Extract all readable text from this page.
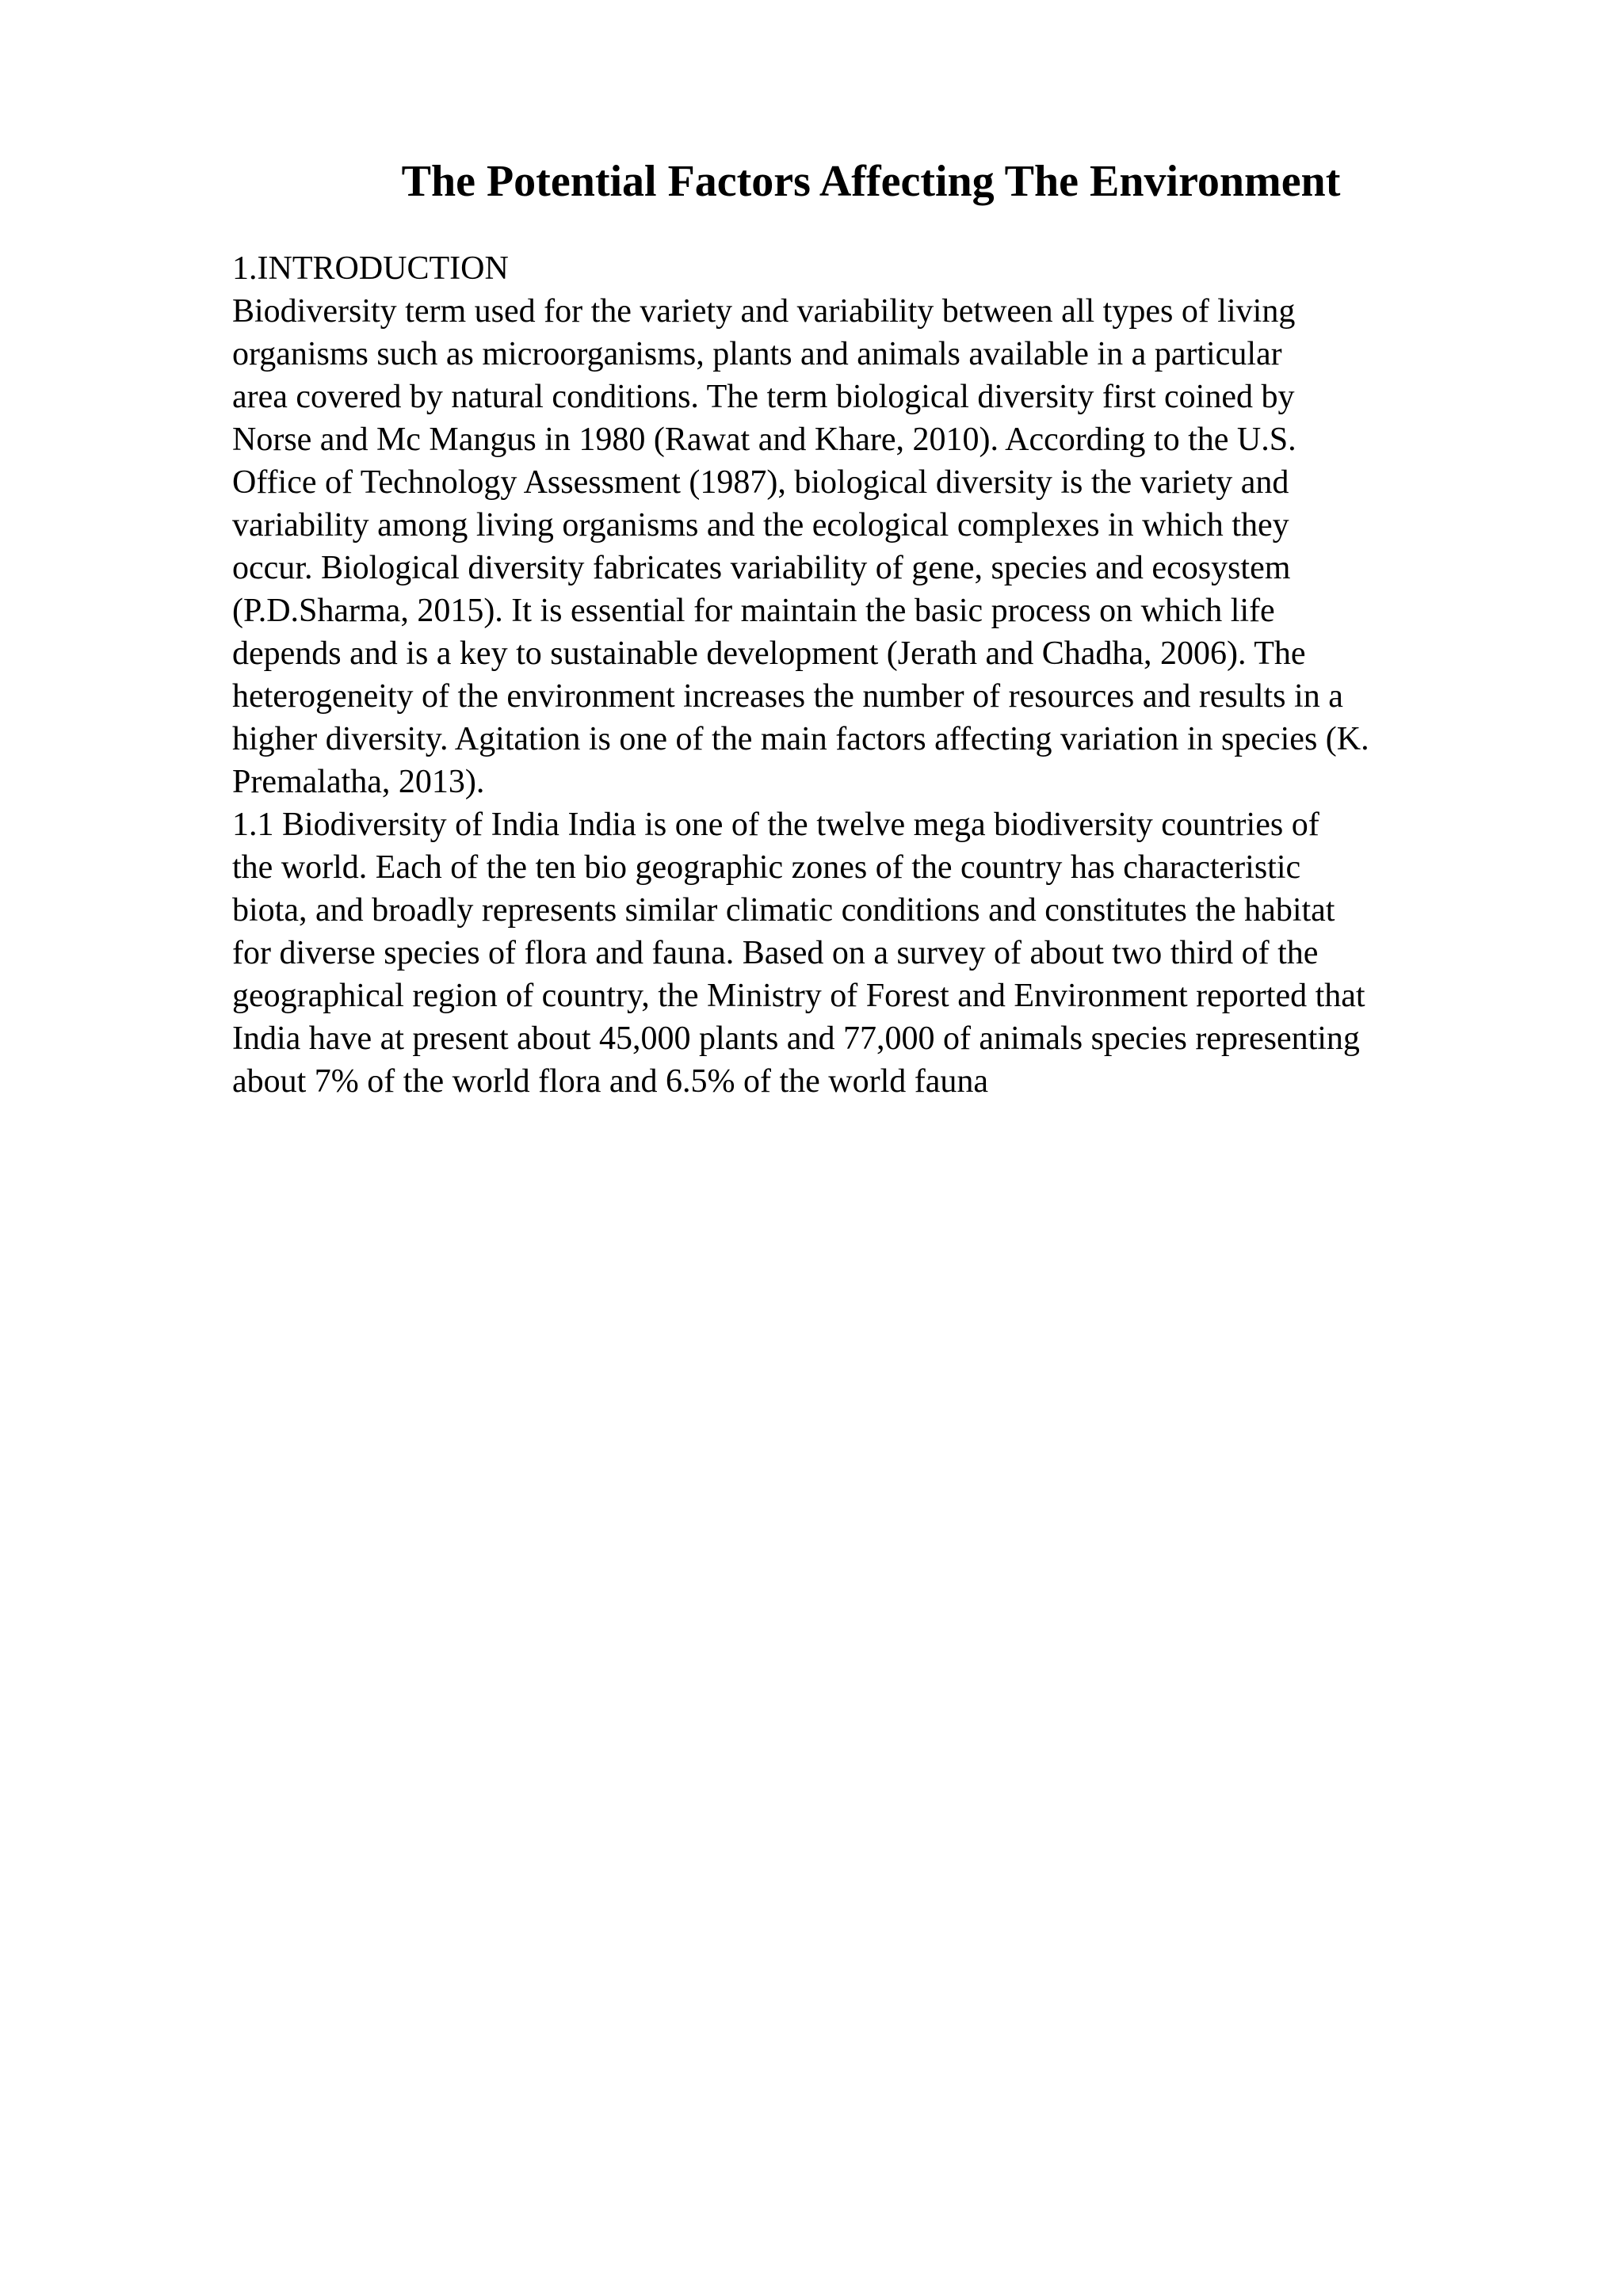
The Potential Factors Affecting The Environment
1.INTRODUCTION
Biodiversity term used for the variety and variability between all types of living
organisms such as microorganisms, plants and animals available in a particular
area covered by natural conditions. The term biological diversity first coined by
Norse and Mc Mangus in 1980 (Rawat and Khare, 2010). According to the U.S.
Office of Technology Assessment (1987), biological diversity is the variety and
variability among living organisms and the ecological complexes in which they
occur. Biological diversity fabricates variability of gene, species and ecosystem
(P.D.Sharma, 2015). It is essential for maintain the basic process on which life
depends and is a key to sustainable development (Jerath and Chadha, 2006). The
heterogeneity of the environment increases the number of resources and results in a
higher diversity. Agitation is one of the main factors affecting variation in species (K.
Premalatha, 2013).
1.1 Biodiversity of India India is one of the twelve mega biodiversity countries of
the world. Each of the ten bio geographic zones of the country has characteristic
biota, and broadly represents similar climatic conditions and constitutes the habitat
for diverse species of flora and fauna. Based on a survey of about two third of the
geographical region of country, the Ministry of Forest and Environment reported that
India have at present about 45,000 plants and 77,000 of animals species representing
about 7% of the world flora and 6.5% of the world fauna
